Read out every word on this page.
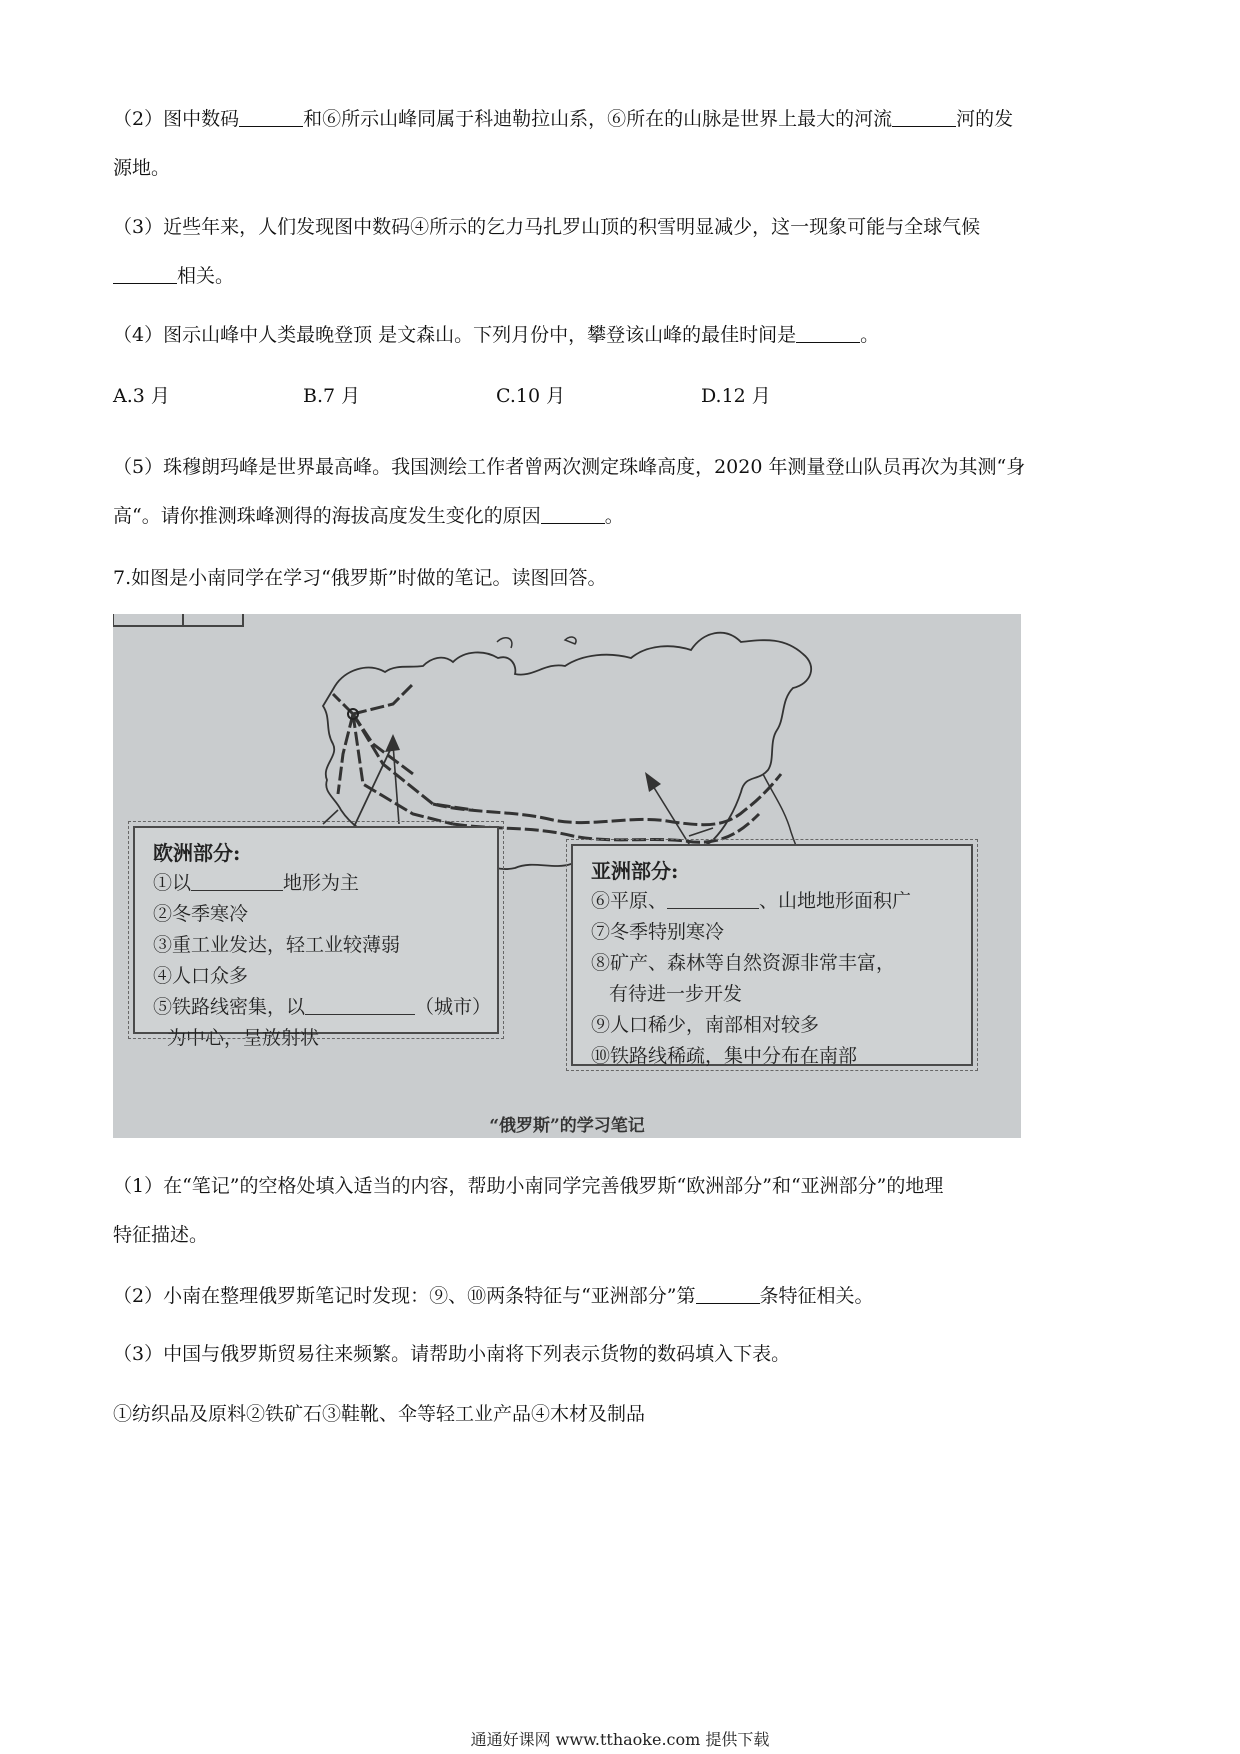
（2）图中数码	和⑥所示山峰同属于科迪勒拉山系，⑥所在的山脉是世界上最大的河流	河的发
源地。

（3）近些年来，人们发现图中数码④所示的乞力马扎罗山顶的积雪明显减少，这一现象可能与全球气候
相关。

（4）图示山峰中人类最晚登顶 是文森山。下列月份中，攀登该山峰的最佳时间是	。

A.3 月	B.7 月	C.10 月	D.12 月

（5）珠穆朗玛峰是世界最高峰。我国测绘工作者曾两次测定珠峰高度，2020 年测量登山队员再次为其测“身
高“。请你推测珠峰测得的海拔高度发生变化的原因	。

7.如图是小南同学在学习“俄罗斯”时做的笔记。读图回答。

欧洲部分:
①以	地形为主
②冬季寒冷
③重工业发达，轻工业较薄弱
④人口众多
⑤铁路线密集，以	（城市）
为中心，呈放射状
亚洲部分:
⑥平原、	、山地地形面积广
⑦冬季特别寒冷
⑧矿产、森林等自然资源非常丰富，
有待进一步开发
⑨人口稀少，南部相对较多
⑩铁路线稀疏，集中分布在南部
“俄罗斯”的学习笔记

（1）在“笔记”的空格处填入适当的内容，帮助小南同学完善俄罗斯“欧洲部分”和“亚洲部分”的地理
特征描述。

（2）小南在整理俄罗斯笔记时发现：⑨、⑩两条特征与“亚洲部分”第	条特征相关。

（3）中国与俄罗斯贸易往来频繁。请帮助小南将下列表示货物的数码填入下表。

①纺织品及原料②铁矿石③鞋靴、伞等轻工业产品④木材及制品

通通好课网 www.tthaoke.com 提供下载
